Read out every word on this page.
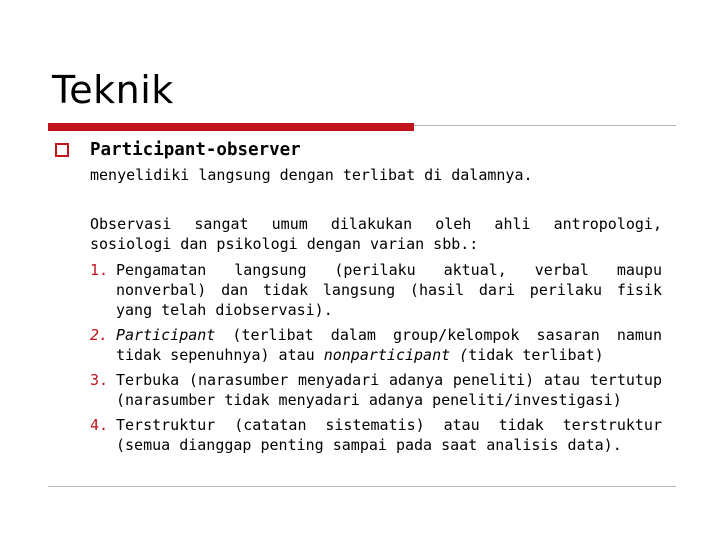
Teknik
Participant-observer
menyelidiki langsung dengan terlibat di dalamnya.
Observasi sangat umum dilakukan oleh ahli antropologi, sosiologi dan psikologi dengan varian sbb.:
1. Pengamatan langsung (perilaku aktual, verbal maupu nonverbal) dan tidak langsung (hasil dari perilaku fisik yang telah diobservasi).
2. Participant (terlibat dalam group/kelompok sasaran namun tidak sepenuhnya) atau nonparticipant (tidak terlibat)
3. Terbuka (narasumber menyadari adanya peneliti) atau tertutup (narasumber tidak menyadari adanya peneliti/investigasi)
4. Terstruktur (catatan sistematis) atau tidak terstruktur (semua dianggap penting sampai pada saat analisis data).
